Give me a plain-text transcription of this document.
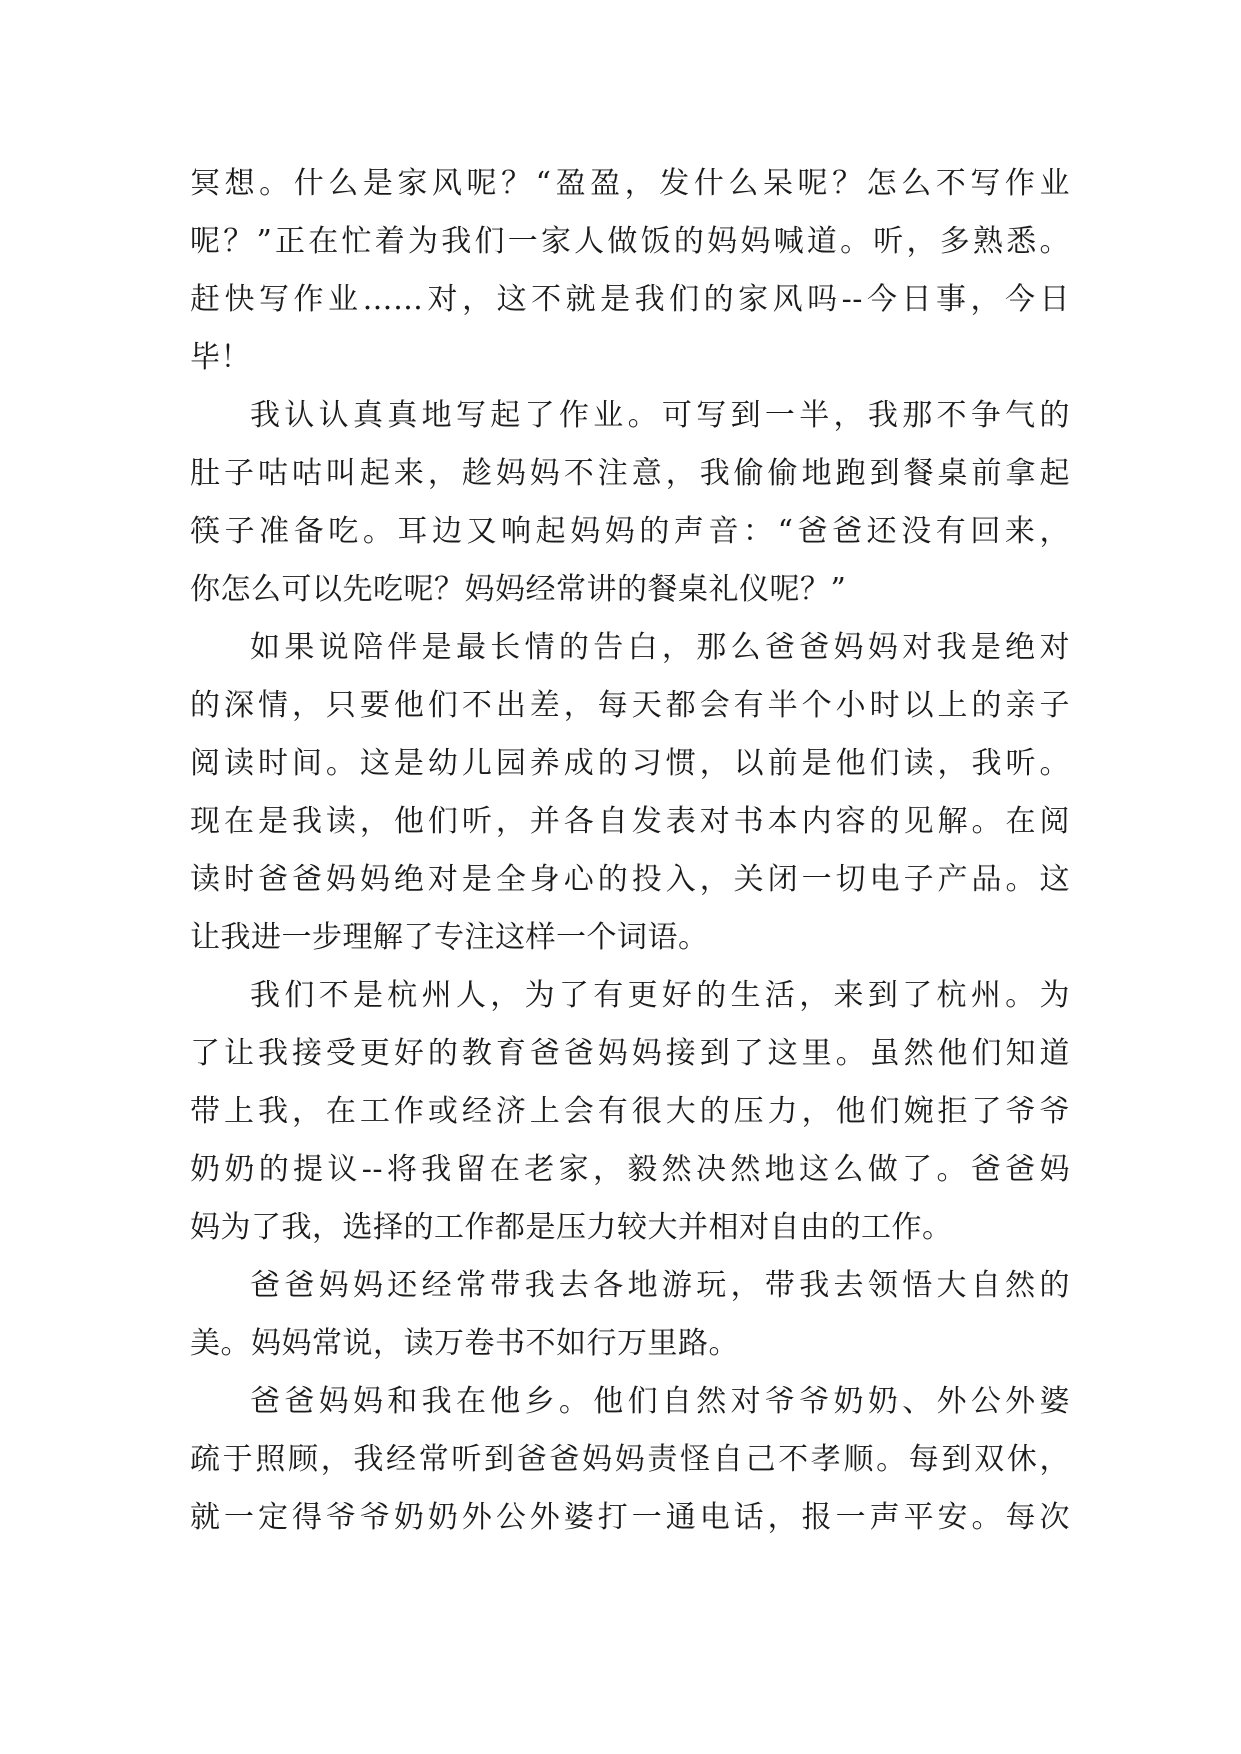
冥想。什么是家风呢？“盈盈，发什么呆呢？怎么不写作业
呢？”正在忙着为我们一家人做饭的妈妈喊道。听，多熟悉。
赶快写作业……对，这不就是我们的家风吗--今日事，今日
毕！
我认认真真地写起了作业。可写到一半，我那不争气的
肚子咕咕叫起来，趁妈妈不注意，我偷偷地跑到餐桌前拿起
筷子准备吃。耳边又响起妈妈的声音：“爸爸还没有回来，
你怎么可以先吃呢？妈妈经常讲的餐桌礼仪呢？”
如果说陪伴是最长情的告白，那么爸爸妈妈对我是绝对
的深情，只要他们不出差，每天都会有半个小时以上的亲子
阅读时间。这是幼儿园养成的习惯，以前是他们读，我听。
现在是我读，他们听，并各自发表对书本内容的见解。在阅
读时爸爸妈妈绝对是全身心的投入，关闭一切电子产品。这
让我进一步理解了专注这样一个词语。
我们不是杭州人，为了有更好的生活，来到了杭州。为
了让我接受更好的教育爸爸妈妈接到了这里。虽然他们知道
带上我，在工作或经济上会有很大的压力，他们婉拒了爷爷
奶奶的提议--将我留在老家，毅然决然地这么做了。爸爸妈
妈为了我，选择的工作都是压力较大并相对自由的工作。
爸爸妈妈还经常带我去各地游玩，带我去领悟大自然的
美。妈妈常说，读万卷书不如行万里路。
爸爸妈妈和我在他乡。他们自然对爷爷奶奶、外公外婆
疏于照顾，我经常听到爸爸妈妈责怪自己不孝顺。每到双休，
就一定得爷爷奶奶外公外婆打一通电话，报一声平安。每次
